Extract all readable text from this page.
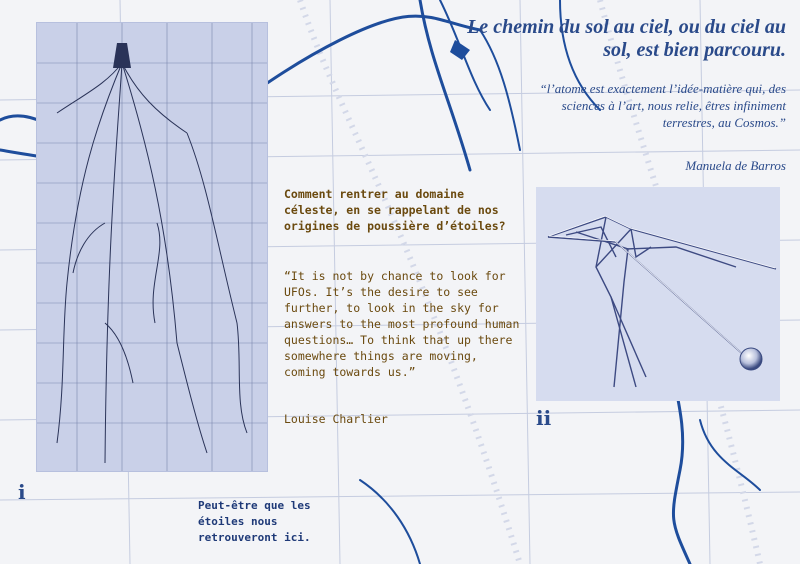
i
ii
Le chemin du sol au ciel, ou du ciel au sol, est bien parcouru.
“l’atome est exactement l’idée-matière qui, des sciences à l’art, nous relie, êtres infiniment terrestres, au Cosmos.”
Manuela de Barros
Comment rentrer au domaine céleste, en se rappelant de nos origines de poussière d’étoiles?
“It is not by chance to look for UFOs. It’s the desire to see further, to look in the sky for answers to the most profound human questions… To think that up there somewhere things are moving, coming towards us.”
Louise Charlier
Peut-être que les étoiles nous retrouveront ici.
